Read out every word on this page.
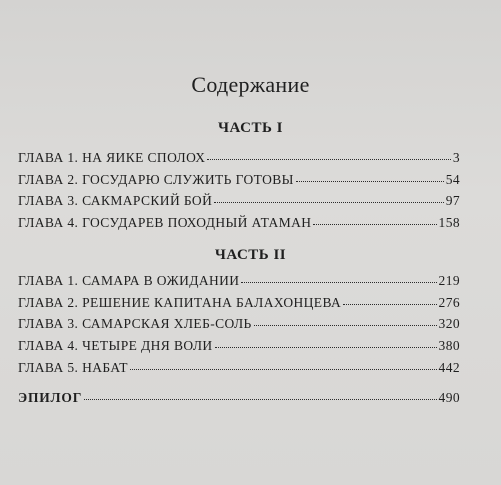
Содержание
ЧАСТЬ I
ГЛАВА 1. НА ЯИКЕ СПОЛОХ	3
ГЛАВА 2. ГОСУДАРЮ СЛУЖИТЬ ГОТОВЫ	54
ГЛАВА 3. САКМАРСКИЙ БОЙ	97
ГЛАВА 4. ГОСУДАРЕВ ПОХОДНЫЙ АТАМАН	158
ЧАСТЬ II
ГЛАВА 1. САМАРА В ОЖИДАНИИ	219
ГЛАВА 2. РЕШЕНИЕ КАПИТАНА БАЛАХОНЦЕВА	276
ГЛАВА 3. САМАРСКАЯ ХЛЕБ-СОЛЬ	320
ГЛАВА 4. ЧЕТЫРЕ ДНЯ ВОЛИ	380
ГЛАВА 5. НАБАТ	442
ЭПИЛОГ	490
